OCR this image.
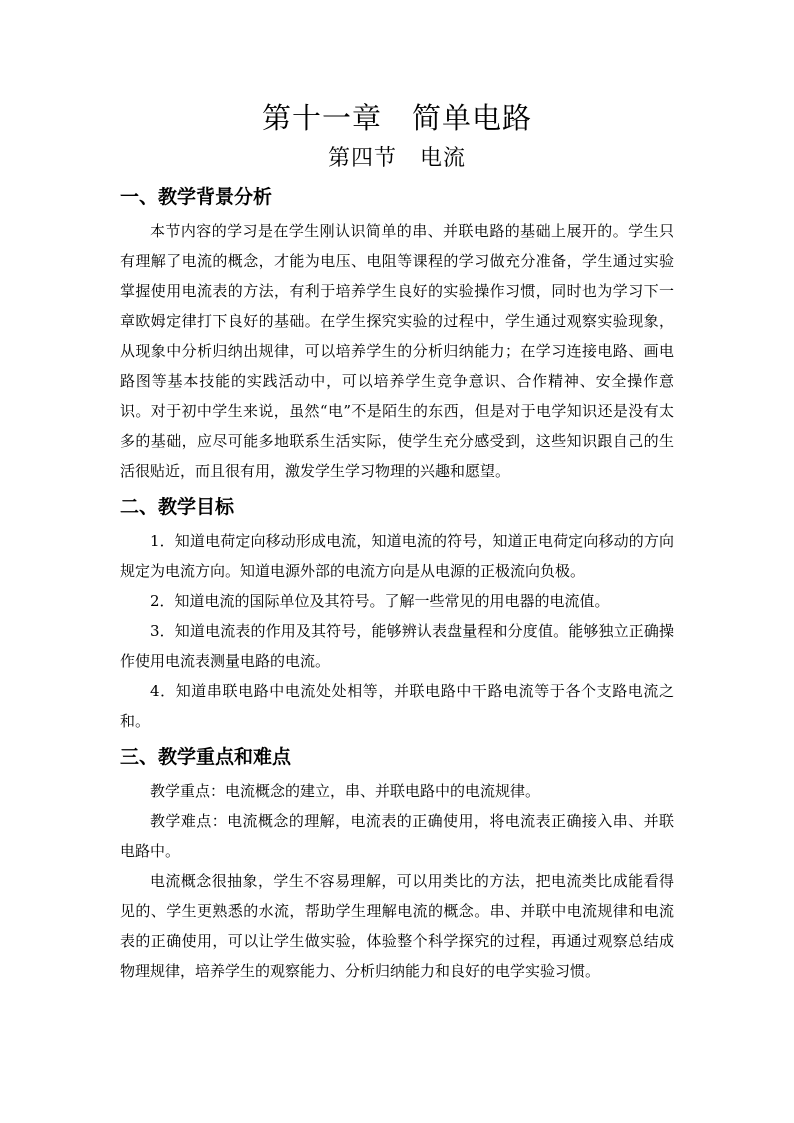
第十一章　简单电路
第四节　电流
一、教学背景分析

本节内容的学习是在学生刚认识简单的串、并联电路的基础上展开的。学生只有理解了电流的概念，才能为电压、电阻等课程的学习做充分准备，学生通过实验掌握使用电流表的方法，有利于培养学生良好的实验操作习惯，同时也为学习下一章欧姆定律打下良好的基础。在学生探究实验的过程中，学生通过观察实验现象，从现象中分析归纳出规律，可以培养学生的分析归纳能力；在学习连接电路、画电路图等基本技能的实践活动中，可以培养学生竞争意识、合作精神、安全操作意识。对于初中学生来说，虽然“电”不是陌生的东西，但是对于电学知识还是没有太多的基础，应尽可能多地联系生活实际，使学生充分感受到，这些知识跟自己的生活很贴近，而且很有用，激发学生学习物理的兴趣和愿望。

二、教学目标

1．知道电荷定向移动形成电流，知道电流的符号，知道正电荷定向移动的方向规定为电流方向。知道电源外部的电流方向是从电源的正极流向负极。

2．知道电流的国际单位及其符号。了解一些常见的用电器的电流值。

3．知道电流表的作用及其符号，能够辨认表盘量程和分度值。能够独立正确操作使用电流表测量电路的电流。

4．知道串联电路中电流处处相等，并联电路中干路电流等于各个支路电流之和。

三、教学重点和难点

教学重点：电流概念的建立，串、并联电路中的电流规律。

教学难点：电流概念的理解，电流表的正确使用，将电流表正确接入串、并联电路中。

电流概念很抽象，学生不容易理解，可以用类比的方法，把电流类比成能看得见的、学生更熟悉的水流，帮助学生理解电流的概念。串、并联中电流规律和电流表的正确使用，可以让学生做实验，体验整个科学探究的过程，再通过观察总结成物理规律，培养学生的观察能力、分析归纳能力和良好的电学实验习惯。
